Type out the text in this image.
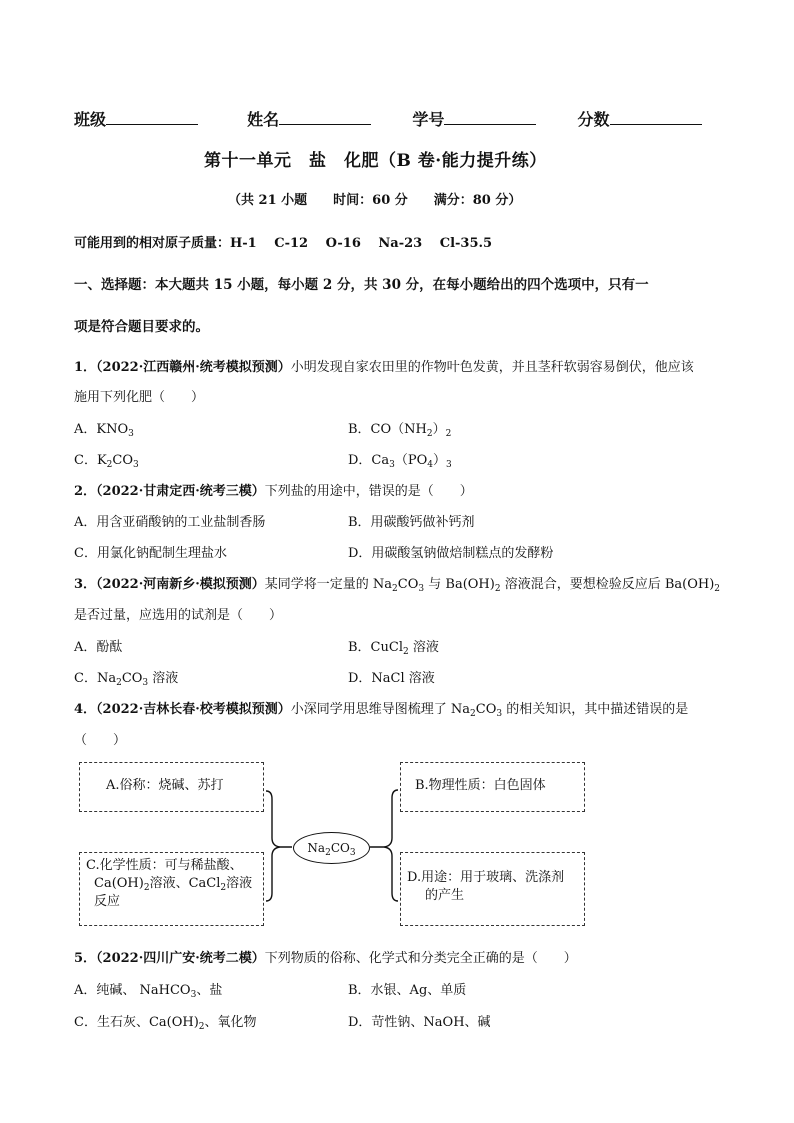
班级	姓名	学号	分数
第十一单元　盐　化肥（B 卷·能力提升练）
（共 21 小题　　时间：60 分　　满分：80 分）
可能用到的相对原子质量：H-1　 C-12　 O-16　 Na-23　 Cl-35.5
一、选择题：本大题共 15 小题，每小题 2 分，共 30 分，在每小题给出的四个选项中，只有一
项是符合题目要求的。
1．（2022·江西赣州·统考模拟预测）小明发现自家农田里的作物叶色发黄，并且茎秆软弱容易倒伏，他应该
施用下列化肥（　　）
A．$KNO_3$	B．$CO(NH_2)_2$
C．$K_2CO_3$	D．$Ca_3(PO_4)_3$
2．（2022·甘肃定西·统考三模）下列盐的用途中，错误的是（　　）
A．用含亚硝酸钠的工业盐制香肠	B．用碳酸钙做补钙剂
C．用氯化钠配制生理盐水	D．用碳酸氢钠做焙制糕点的发酵粉
3．（2022·河南新乡·模拟预测）某同学将一定量的 $Na_2CO_3$ 与 $Ba(OH)_2$ 溶液混合，要想检验反应后 $Ba(OH)_2$
是否过量，应选用的试剂是（　　）
A．酚酞	B．CuCl$_2$ 溶液
C．$Na_2CO_3$ 溶液	D．NaCl 溶液
4．（2022·吉林长春·校考模拟预测）小深同学用思维导图梳理了 $Na_2CO_3$ 的相关知识，其中描述错误的是
（　　）
A.俗称：烧碱、苏打	B.物理性质：白色固体
$Na_2CO_3$
C.化学性质：可与稀盐酸、
$Ca(OH)_2$溶液、CaCl$_2$溶液
反应
D.用途：用于玻璃、洗涤剂
的产生
5．（2022·四川广安·统考二模）下列物质的俗称、化学式和分类完全正确的是（　　）
A．纯碱、 NaHCO$_3$、盐	B．水银、Ag、单质
C．生石灰、$Ca(OH)_2$、氧化物	D．苛性钠、NaOH、碱
